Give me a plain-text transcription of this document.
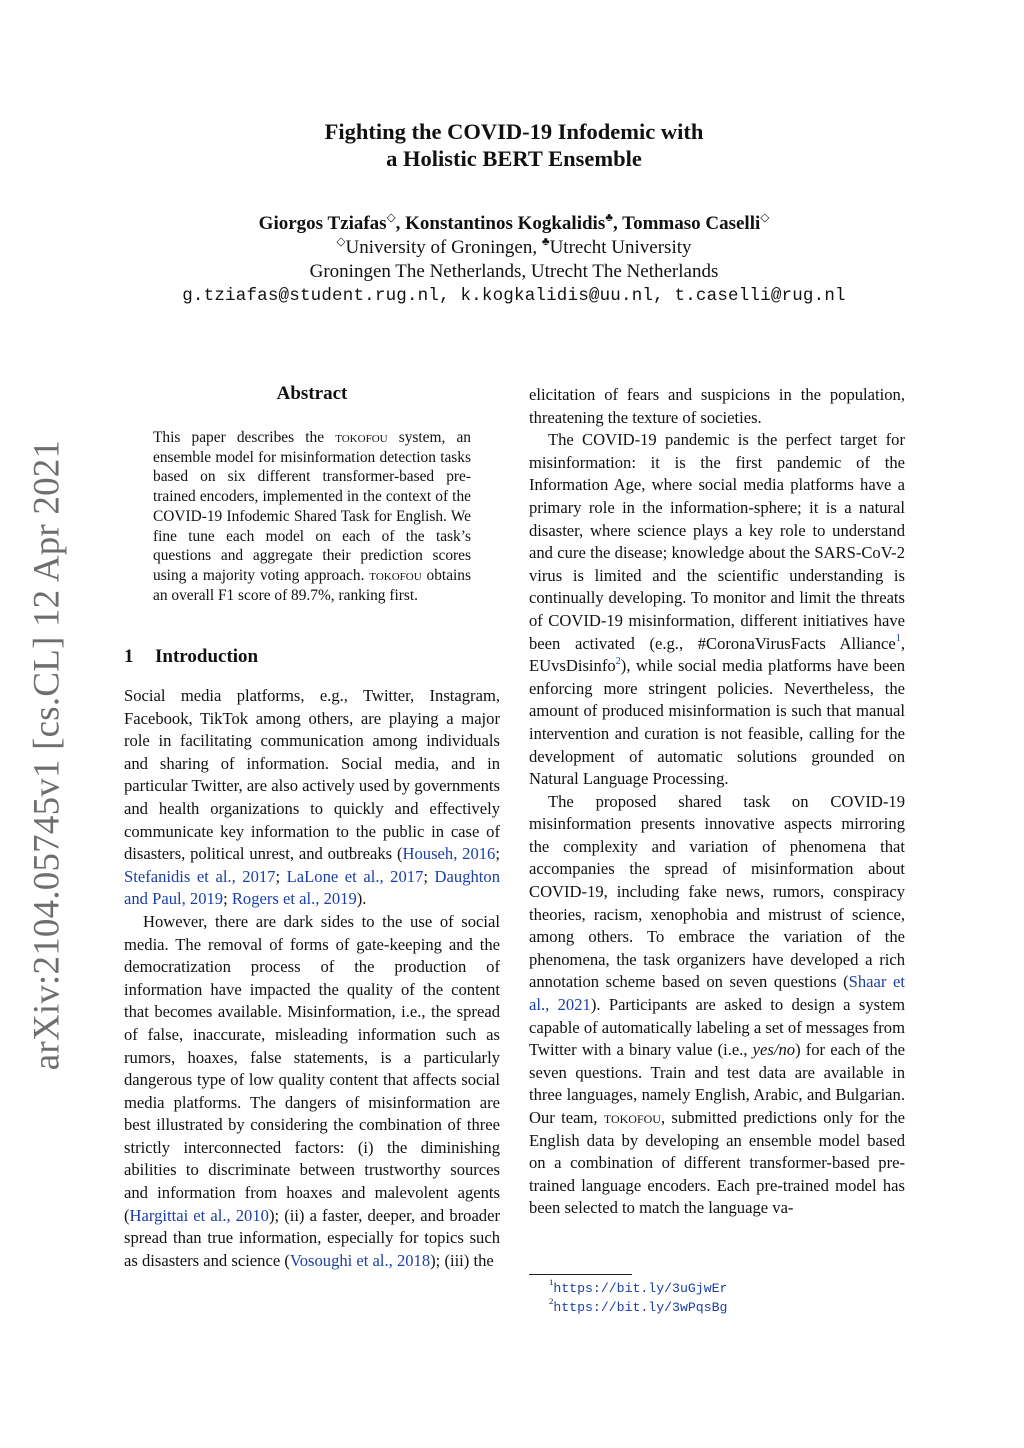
arXiv:2104.05745v1 [cs.CL] 12 Apr 2021
Fighting the COVID-19 Infodemic with
a Holistic BERT Ensemble
Giorgos Tziafas◇, Konstantinos Kogkalidis♣, Tommaso Caselli◇
◇University of Groningen, ♣Utrecht University
Groningen The Netherlands, Utrecht The Netherlands
g.tziafas@student.rug.nl, k.kogkalidis@uu.nl, t.caselli@rug.nl
Abstract
This paper describes the tokofou system, an ensemble model for misinformation detection tasks based on six different transformer-based pre-trained encoders, implemented in the context of the COVID-19 Infodemic Shared Task for English. We fine tune each model on each of the task’s questions and aggregate their prediction scores using a majority voting approach. tokofou obtains an overall F1 score of 89.7%, ranking first.
1 Introduction

Social media platforms, e.g., Twitter, Instagram, Facebook, TikTok among others, are playing a major role in facilitating communication among individuals and sharing of information. Social media, and in particular Twitter, are also actively used by governments and health organizations to quickly and effectively communicate key information to the public in case of disasters, political unrest, and outbreaks (Househ, 2016; Stefanidis et al., 2017; LaLone et al., 2017; Daughton and Paul, 2019; Rogers et al., 2019).

However, there are dark sides to the use of social media. The removal of forms of gate-keeping and the democratization process of the production of information have impacted the quality of the content that becomes available. Misinformation, i.e., the spread of false, inaccurate, misleading information such as rumors, hoaxes, false statements, is a particularly dangerous type of low quality content that affects social media platforms. The dangers of misinformation are best illustrated by considering the combination of three strictly interconnected factors: (i) the diminishing abilities to discriminate between trustworthy sources and information from hoaxes and malevolent agents (Hargittai et al., 2010); (ii) a faster, deeper, and broader spread than true information, especially for topics such as disasters and science (Vosoughi et al., 2018); (iii) the

elicitation of fears and suspicions in the population, threatening the texture of societies.

The COVID-19 pandemic is the perfect target for misinformation: it is the first pandemic of the Information Age, where social media platforms have a primary role in the information-sphere; it is a natural disaster, where science plays a key role to understand and cure the disease; knowledge about the SARS-CoV-2 virus is limited and the scientific understanding is continually developing. To monitor and limit the threats of COVID-19 misinformation, different initiatives have been activated (e.g., #CoronaVirusFacts Alliance$^1$, EUvsDisinfo$^2$), while social media platforms have been enforcing more stringent policies. Nevertheless, the amount of produced misinformation is such that manual intervention and curation is not feasible, calling for the development of automatic solutions grounded on Natural Language Processing.

The proposed shared task on COVID-19 misinformation presents innovative aspects mirroring the complexity and variation of phenomena that accompanies the spread of misinformation about COVID-19, including fake news, rumors, conspiracy theories, racism, xenophobia and mistrust of science, among others. To embrace the variation of the phenomena, the task organizers have developed a rich annotation scheme based on seven questions (Shaar et al., 2021). Participants are asked to design a system capable of automatically labeling a set of messages from Twitter with a binary value (i.e., yes/no) for each of the seven questions. Train and test data are available in three languages, namely English, Arabic, and Bulgarian. Our team, tokofou, submitted predictions only for the English data by developing an ensemble model based on a combination of different transformer-based pre-trained language encoders. Each pre-trained model has been selected to match the language va-

$^1$https://bit.ly/3uGjwEr
$^2$https://bit.ly/3wPqsBg
